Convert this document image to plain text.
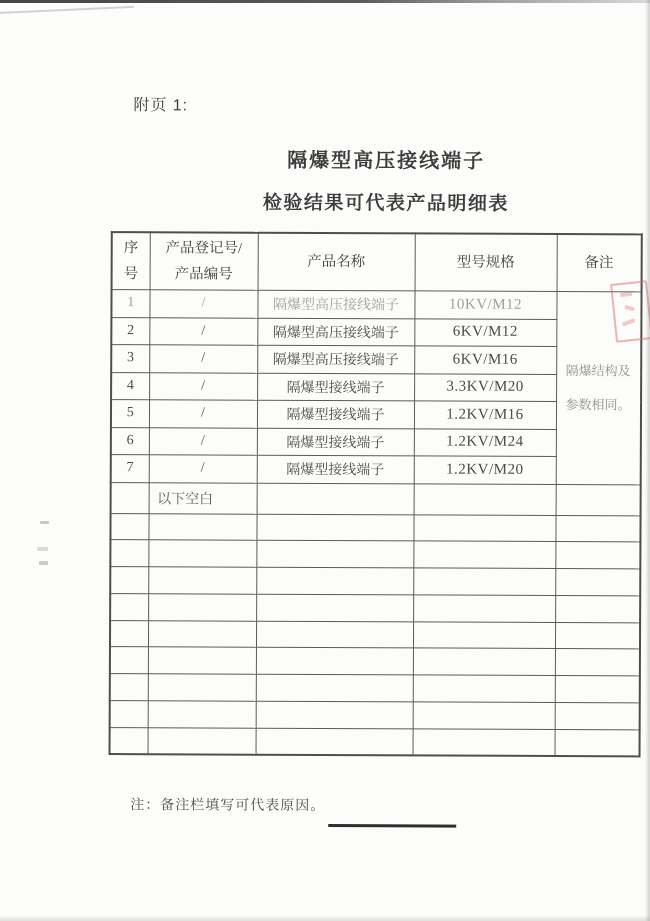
附页 1:
隔爆型高压接线端子
检验结果可代表产品明细表
序号	产品登记号/产品编号	产品名称	型号规格	备注
1	/	隔爆型高压接线端子	10KV/M12	隔爆结构及参数相同。
2	/	隔爆型高压接线端子	6KV/M12	
3	/	隔爆型高压接线端子	6KV/M16	
4	/	隔爆型接线端子	3.3KV/M20	
5	/	隔爆型接线端子	1.2KV/M16	
6	/	隔爆型接线端子	1.2KV/M24	
7	/	隔爆型接线端子	1.2KV/M20	
	以下空白			

注：备注栏填写可代表原因。
